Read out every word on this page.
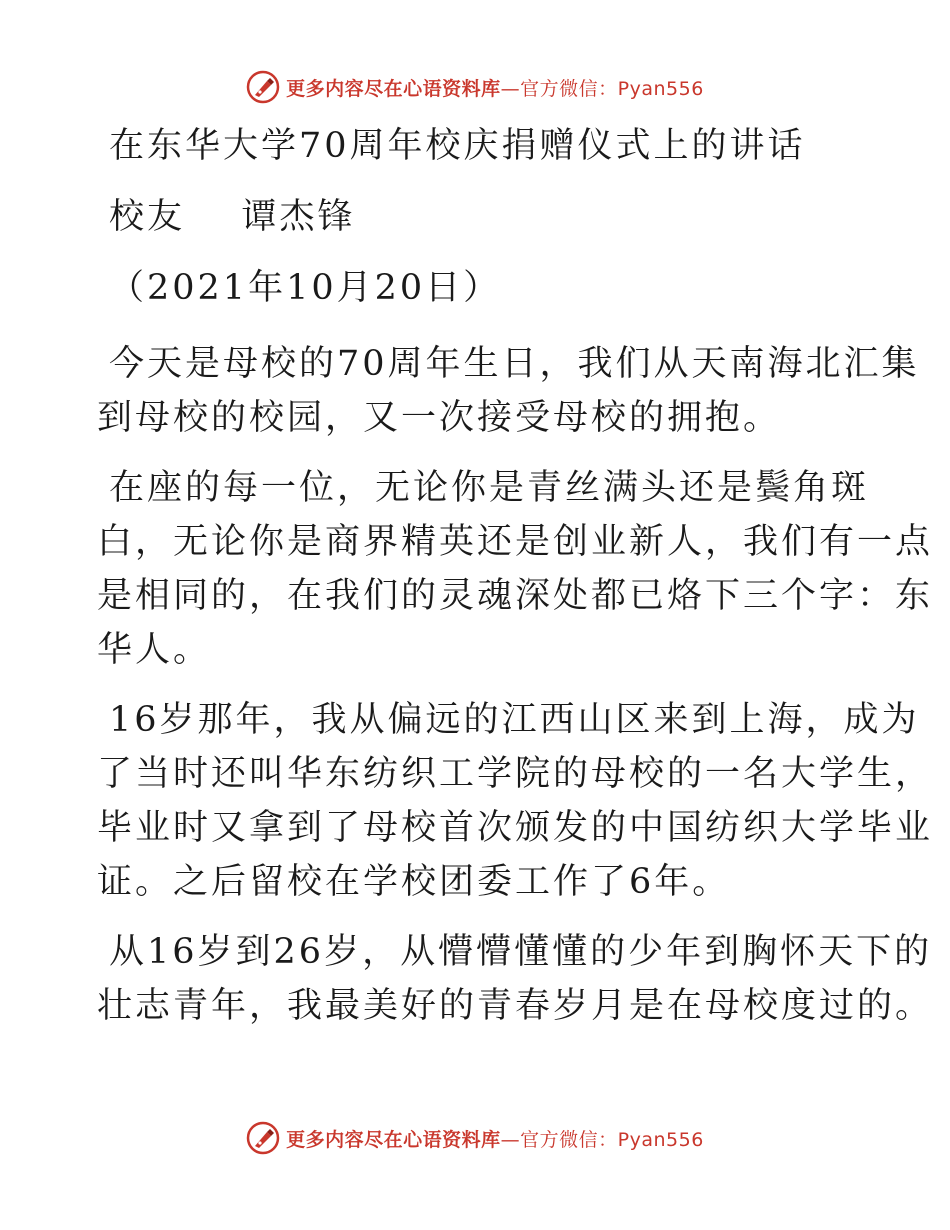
更多内容尽在心语资料库—官方微信：Pyan556
在东华大学70周年校庆捐赠仪式上的讲话
校友    谭杰锋
（2021年10月20日）
今天是母校的70周年生日，我们从天南海北汇集
到母校的校园，又一次接受母校的拥抱。
在座的每一位，无论你是青丝满头还是鬓角斑
白，无论你是商界精英还是创业新人，我们有一点
是相同的，在我们的灵魂深处都已烙下三个字：东
华人。
16岁那年，我从偏远的江西山区来到上海，成为
了当时还叫华东纺织工学院的母校的一名大学生，
毕业时又拿到了母校首次颁发的中国纺织大学毕业
证。之后留校在学校团委工作了6年。
从16岁到26岁，从懵懵懂懂的少年到胸怀天下的
壮志青年，我最美好的青春岁月是在母校度过的。
更多内容尽在心语资料库—官方微信：Pyan556
